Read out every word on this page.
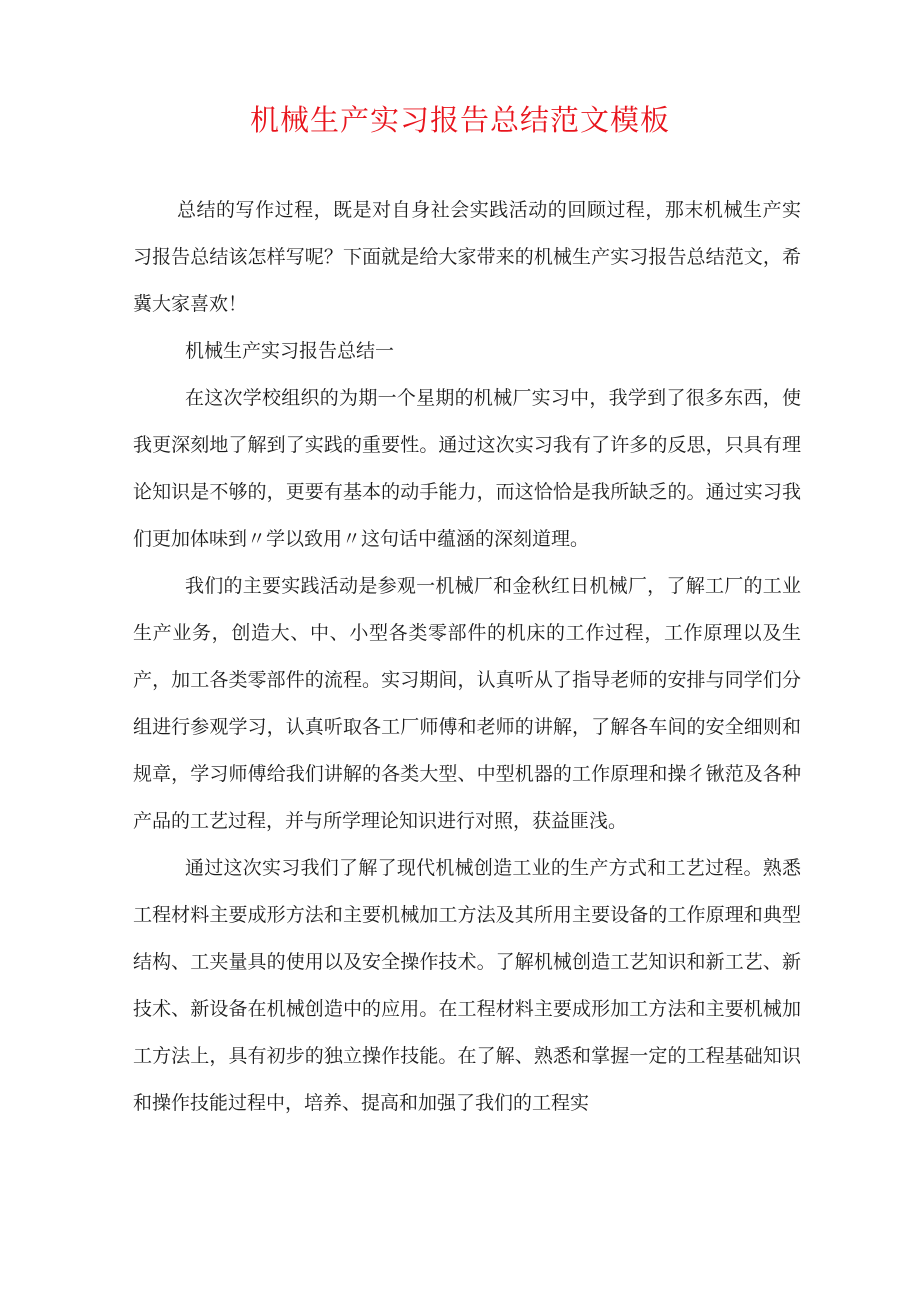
机械生产实习报告总结范文模板

总结的写作过程，既是对自身社会实践活动的回顾过程，那末机械生产实习报告总结该怎样写呢？下面就是给大家带来的机械生产实习报告总结范文，希冀大家喜欢！

机械生产实习报告总结一

在这次学校组织的为期一个星期的机械厂实习中，我学到了很多东西，使我更深刻地了解到了实践的重要性。通过这次实习我有了许多的反思，只具有理论知识是不够的，更要有基本的动手能力，而这恰恰是我所缺乏的。通过实习我们更加体味到〃学以致用〃这句话中蕴涵的深刻道理。

我们的主要实践活动是参观一机械厂和金秋红日机械厂，了解工厂的工业生产业务，创造大、中、小型各类零部件的机床的工作过程，工作原理以及生产，加工各类零部件的流程。实习期间，认真听从了指导老师的安排与同学们分组进行参观学习，认真听取各工厂师傅和老师的讲解，了解各车间的安全细则和规章，学习师傅给我们讲解的各类大型、中型机器的工作原理和操彳锹范及各种产品的工艺过程，并与所学理论知识进行对照，获益匪浅。

通过这次实习我们了解了现代机械创造工业的生产方式和工艺过程。熟悉工程材料主要成形方法和主要机械加工方法及其所用主要设备的工作原理和典型结构、工夹量具的使用以及安全操作技术。了解机械创造工艺知识和新工艺、新技术、新设备在机械创造中的应用。在工程材料主要成形加工方法和主要机械加工方法上，具有初步的独立操作技能。在了解、熟悉和掌握一定的工程基础知识和操作技能过程中，培养、提高和加强了我们的工程实
